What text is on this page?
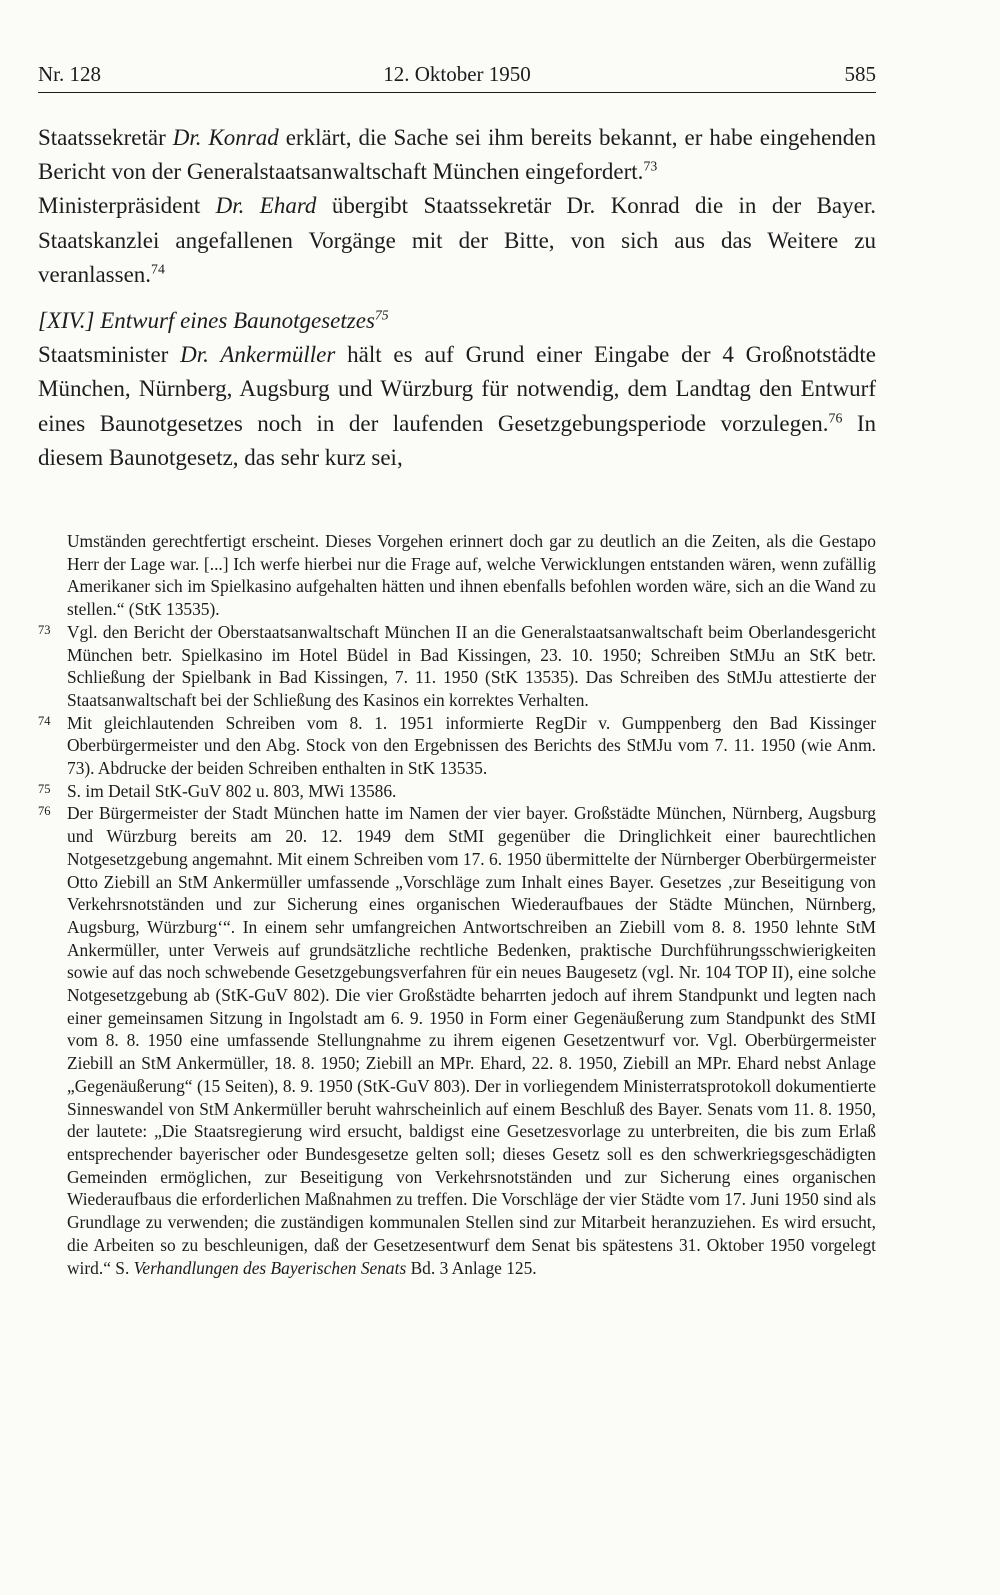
Nr. 128	12. Oktober 1950	585

Staatssekretär Dr. Konrad erklärt, die Sache sei ihm bereits bekannt, er habe eingehenden Bericht von der Generalstaatsanwaltschaft München eingefordert.$^{73}$

Ministerpräsident Dr. Ehard übergibt Staatssekretär Dr. Konrad die in der Bayer. Staatskanzlei angefallenen Vorgänge mit der Bitte, von sich aus das Weitere zu veranlassen.$^{74}$

[XIV.] Entwurf eines Baunotgesetzes$^{75}$

Staatsminister Dr. Ankermüller hält es auf Grund einer Eingabe der 4 Großnotstädte München, Nürnberg, Augsburg und Würzburg für notwendig, dem Landtag den Entwurf eines Baunotgesetzes noch in der laufenden Gesetzgebungsperiode vorzulegen.$^{76}$ In diesem Baunotgesetz, das sehr kurz sei,

Umständen gerechtfertigt erscheint. Dieses Vorgehen erinnert doch gar zu deutlich an die Zeiten, als die Gestapo Herr der Lage war. [...] Ich werfe hierbei nur die Frage auf, welche Verwicklungen entstanden wären, wenn zufällig Amerikaner sich im Spielkasino aufgehalten hätten und ihnen ebenfalls befohlen worden wäre, sich an die Wand zu stellen.“ (StK 13535).

73 Vgl. den Bericht der Oberstaatsanwaltschaft München II an die Generalstaatsanwaltschaft beim Oberlandesgericht München betr. Spielkasino im Hotel Büdel in Bad Kissingen, 23. 10. 1950; Schreiben StMJu an StK betr. Schließung der Spielbank in Bad Kissingen, 7. 11. 1950 (StK 13535). Das Schreiben des StMJu attestierte der Staatsanwaltschaft bei der Schließung des Kasinos ein korrektes Verhalten.

74 Mit gleichlautenden Schreiben vom 8. 1. 1951 informierte RegDir v. Gumppenberg den Bad Kissinger Oberbürgermeister und den Abg. Stock von den Ergebnissen des Berichts des StMJu vom 7. 11. 1950 (wie Anm. 73). Abdrucke der beiden Schreiben enthalten in StK 13535.

75 S. im Detail StK-GuV 802 u. 803, MWi 13586.

76 Der Bürgermeister der Stadt München hatte im Namen der vier bayer. Großstädte München, Nürnberg, Augsburg und Würzburg bereits am 20. 12. 1949 dem StMI gegenüber die Dringlichkeit einer baurechtlichen Notgesetzgebung angemahnt. Mit einem Schreiben vom 17. 6. 1950 übermittelte der Nürnberger Oberbürgermeister Otto Ziebill an StM Ankermüller umfassende „Vorschläge zum Inhalt eines Bayer. Gesetzes ‚zur Beseitigung von Verkehrsnotständen und zur Sicherung eines organischen Wiederaufbaues der Städte München, Nürnberg, Augsburg, Würzburg‘“. In einem sehr umfangreichen Antwortschreiben an Ziebill vom 8. 8. 1950 lehnte StM Ankermüller, unter Verweis auf grundsätzliche rechtliche Bedenken, praktische Durchführungsschwierigkeiten sowie auf das noch schwebende Gesetzgebungsverfahren für ein neues Baugesetz (vgl. Nr. 104 TOP II), eine solche Notgesetzgebung ab (StK-GuV 802). Die vier Großstädte beharrten jedoch auf ihrem Standpunkt und legten nach einer gemeinsamen Sitzung in Ingolstadt am 6. 9. 1950 in Form einer Gegenäußerung zum Standpunkt des StMI vom 8. 8. 1950 eine umfassende Stellungnahme zu ihrem eigenen Gesetzentwurf vor. Vgl. Oberbürgermeister Ziebill an StM Ankermüller, 18. 8. 1950; Ziebill an MPr. Ehard, 22. 8. 1950, Ziebill an MPr. Ehard nebst Anlage „Gegenäußerung“ (15 Seiten), 8. 9. 1950 (StK-GuV 803). Der in vorliegendem Ministerratsprotokoll dokumentierte Sinneswandel von StM Ankermüller beruht wahrscheinlich auf einem Beschluß des Bayer. Senats vom 11. 8. 1950, der lautete: „Die Staatsregierung wird ersucht, baldigst eine Gesetzesvorlage zu unterbreiten, die bis zum Erlaß entsprechender bayerischer oder Bundesgesetze gelten soll; dieses Gesetz soll es den schwerkriegsgeschädigten Gemeinden ermöglichen, zur Beseitigung von Verkehrsnotständen und zur Sicherung eines organischen Wiederaufbaus die erforderlichen Maßnahmen zu treffen. Die Vorschläge der vier Städte vom 17. Juni 1950 sind als Grundlage zu verwenden; die zuständigen kommunalen Stellen sind zur Mitarbeit heranzuziehen. Es wird ersucht, die Arbeiten so zu beschleunigen, daß der Gesetzesentwurf dem Senat bis spätestens 31. Oktober 1950 vorgelegt wird.“ S. Verhandlungen des Bayerischen Senats Bd. 3 Anlage 125.
